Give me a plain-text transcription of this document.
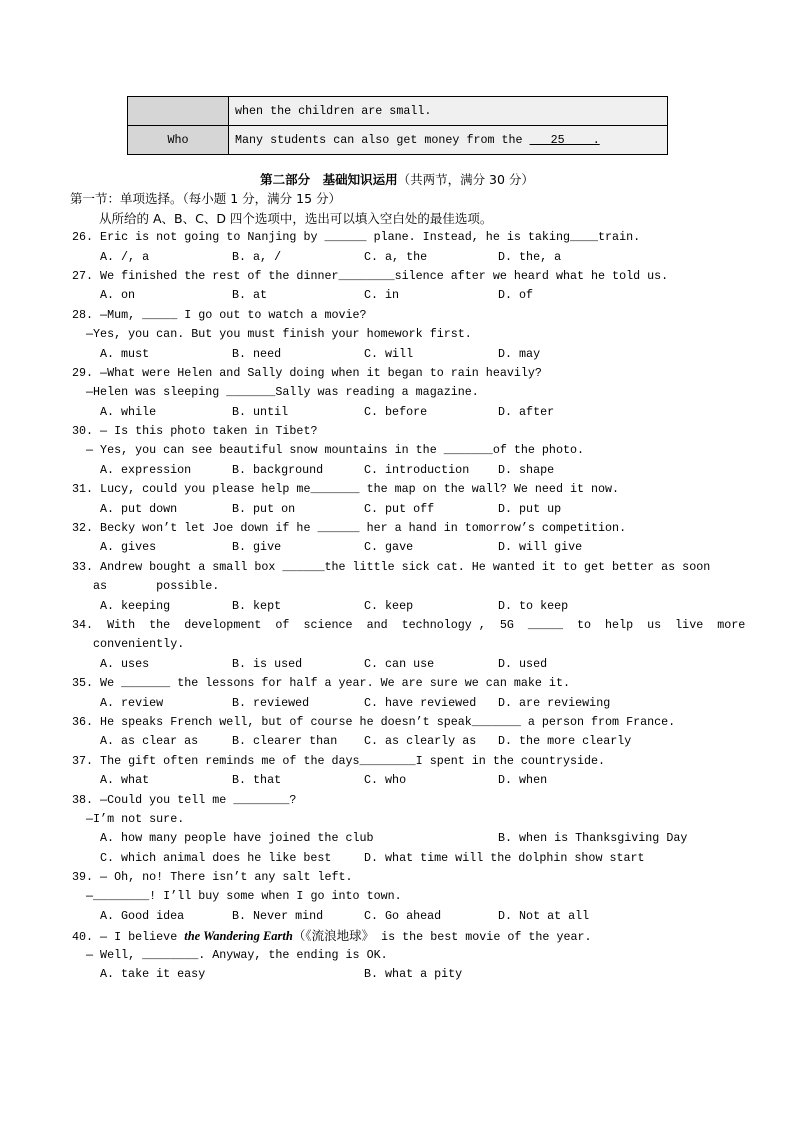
	when the children are small.
Who	Many students can also get money from the    25    .
第二部分　基础知识运用（共两节，满分 30 分）
第一节：单项选择。（每小题 1 分，满分 15 分）
从所给的 A、B、C、D 四个选项中，选出可以填入空白处的最佳选项。
26. Eric is not going to Nanjing by ______ plane. Instead, he is taking____train.
A. /, a	B. a, /	C. a, the	D. the, a
27. We finished the rest of the dinner________silence after we heard what he told us.
A. on	B. at	C. in	D. of
28. —Mum, _____ I go out to watch a movie?
—Yes, you can. But you must finish your homework first.
A. must	B. need	C. will	D. may
29. —What were Helen and Sally doing when it began to rain heavily?
—Helen was sleeping _______Sally was reading a magazine.
A. while	B. until	C. before	D. after
30. — Is this photo taken in Tibet?
— Yes, you can see beautiful snow mountains in the _______of the photo.
A. expression	B. background	C. introduction D. shape
31. Lucy, could you please help me_______ the map on the wall? We need it now.
A. put down	B. put on	C. put off	D. put up
32. Becky won’t let Joe down if he ______ her a hand in tomorrow’s competition.
A. gives	B. give	C. gave	D. will give
33. Andrew bought a small box ______the little sick cat. He wanted it to get better as soon
as       possible.
A. keeping	B. kept	C. keep	D. to keep
34.  With  the  development  of  science  and  technology ,  5G  _____  to  help  us  live  more
conveniently.
A. uses	B. is used	C. can use	D. used
35. We _______ the lessons for half a year. We are sure we can make it.
A. review	B. reviewed	C. have reviewed D. are reviewing
36. He speaks French well, but of course he doesn’t speak_______ a person from France.
A. as clear as	B. clearer than C. as clearly as D. the more clearly
37. The gift often reminds me of the days________I spent in the countryside.
A. what	B. that	C. who	D. when
38. —Could you tell me ________?
—I’m not sure.
A. how many people have joined the club	B. when is Thanksgiving Day
C. which animal does he like best	D. what time will the dolphin show start
39. — Oh, no! There isn’t any salt left.
—________! I’ll buy some when I go into town.
A. Good idea	B. Never mind	C. Go ahead	D. Not at all
40. — I believe the Wandering Earth（《流浪地球》 is the best movie of the year.
— Well, ________. Anyway, the ending is OK.
A. take it easy	B. what a pity
